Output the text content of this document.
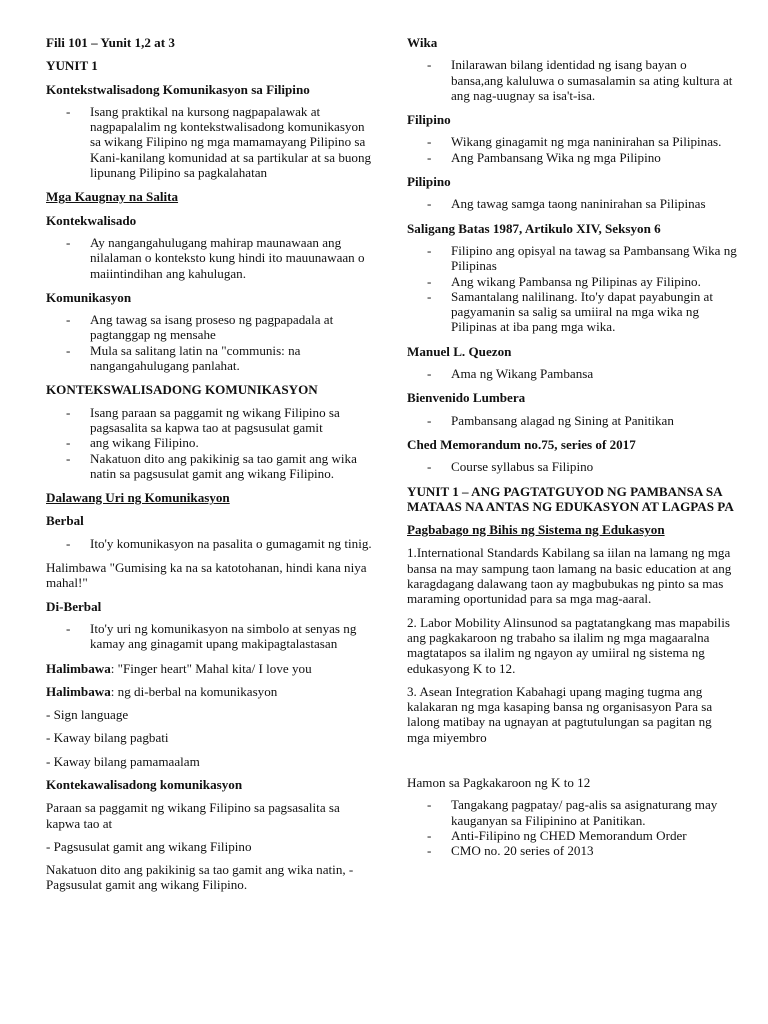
Fili 101 – Yunit 1,2 at 3

YUNIT 1

Kontekstwalisadong Komunikasyon sa Filipino

- Isang praktikal na kursong nagpapalawak at nagpapalalim ng kontekstwalisadong komunikasyon sa wikang Filipino ng mga mamamayang Pilipino sa Kani-kanilang komunidad at sa partikular at sa buong lipunang Pilipino sa pagkalahatan

Mga Kaugnay na Salita

Kontekwalisado

- Ay nangangahulugang mahirap maunawaan ang nilalaman o konteksto kung hindi ito mauunawaan o maiintindihan ang kahulugan.

Komunikasyon

- Ang tawag sa isang proseso ng pagpapadala at pagtanggap ng mensahe
- Mula sa salitang latin na "communis: na nangangahulugang panlahat.

KONTEKSWALISADONG KOMUNIKASYON

- Isang paraan sa paggamit ng wikang Filipino sa pagsasalita sa kapwa tao at pagsusulat gamit
- ang wikang Filipino.
- Nakatuon dito ang pakikinig sa tao gamit ang wika natin sa pagsusulat gamit ang wikang Filipino.

Dalawang Uri ng Komunikasyon

Berbal

- Ito'y komunikasyon na pasalita o gumagamit ng tinig.

Halimbawa "Gumising ka na sa katotohanan, hindi kana niya mahal!"

Di-Berbal

- Ito'y uri ng komunikasyon na simbolo at senyas ng kamay ang ginagamit upang makipagtalastasan

Halimbawa: "Finger heart" Mahal kita/ I love you

Halimbawa: ng di-berbal na komunikasyon

- Sign language

- Kaway bilang pagbati

- Kaway bilang pamamaalam

Kontekawalisadong komunikasyon

Paraan sa paggamit ng wikang Filipino sa pagsasalita sa kapwa tao at

- Pagsusulat gamit ang wikang Filipino

Nakatuon dito ang pakikinig sa tao gamit ang wika natin, - Pagsusulat gamit ang wikang Filipino.

Wika

- Inilarawan bilang identidad ng isang bayan o bansa,ang kaluluwa o sumasalamin sa ating kultura at ang nag-uugnay sa isa't-isa.

Filipino

- Wikang ginagamit ng mga naninirahan sa Pilipinas.
- Ang Pambansang Wika ng mga Pilipino

Pilipino

- Ang tawag samga taong naninirahan sa Pilipinas

Saligang Batas 1987, Artikulo XIV, Seksyon 6

- Filipino ang opisyal na tawag sa Pambansang Wika ng Pilipinas
- Ang wikang Pambansa ng Pilipinas ay Filipino.
- Samantalang nalilinang. Ito'y dapat payabungin at pagyamanin sa salig sa umiiral na mga wika ng Pilipinas at iba pang mga wika.

Manuel L. Quezon

- Ama ng Wikang Pambansa

Bienvenido Lumbera

- Pambansang alagad ng Sining at Panitikan

Ched Memorandum no.75, series of 2017

- Course syllabus sa Filipino

YUNIT 1 – ANG PAGTATGUYOD NG PAMBANSA SA MATAAS NA ANTAS NG EDUKASYON AT LAGPAS PA

Pagbabago ng Bihis ng Sistema ng Edukasyon

1.International Standards Kabilang sa iilan na lamang ng mga bansa na may sampung taon lamang na basic education at ang karagdagang dalawang taon ay magbubukas ng pinto sa mas maraming oportunidad para sa mga mag-aaral.

2. Labor Mobility Alinsunod sa pagtatangkang mas mapabilis ang pagkakaroon ng trabaho sa ilalim ng mga magaaralna magtatapos sa ilalim ng ngayon ay umiiral ng sistema ng edukasyong K to 12.

3. Asean Integration Kabahagi upang maging tugma ang kalakaran ng mga kasaping bansa ng organisasyon Para sa lalong matibay na ugnayan at pagtutulungan sa pagitan ng mga miyembro

Hamon sa Pagkakaroon ng K to 12

- Tangakang pagpatay/ pag-alis sa asignaturang may kauganyan sa Filipinino at Panitikan.
- Anti-Filipino ng CHED Memorandum Order
- CMO no. 20 series of 2013
